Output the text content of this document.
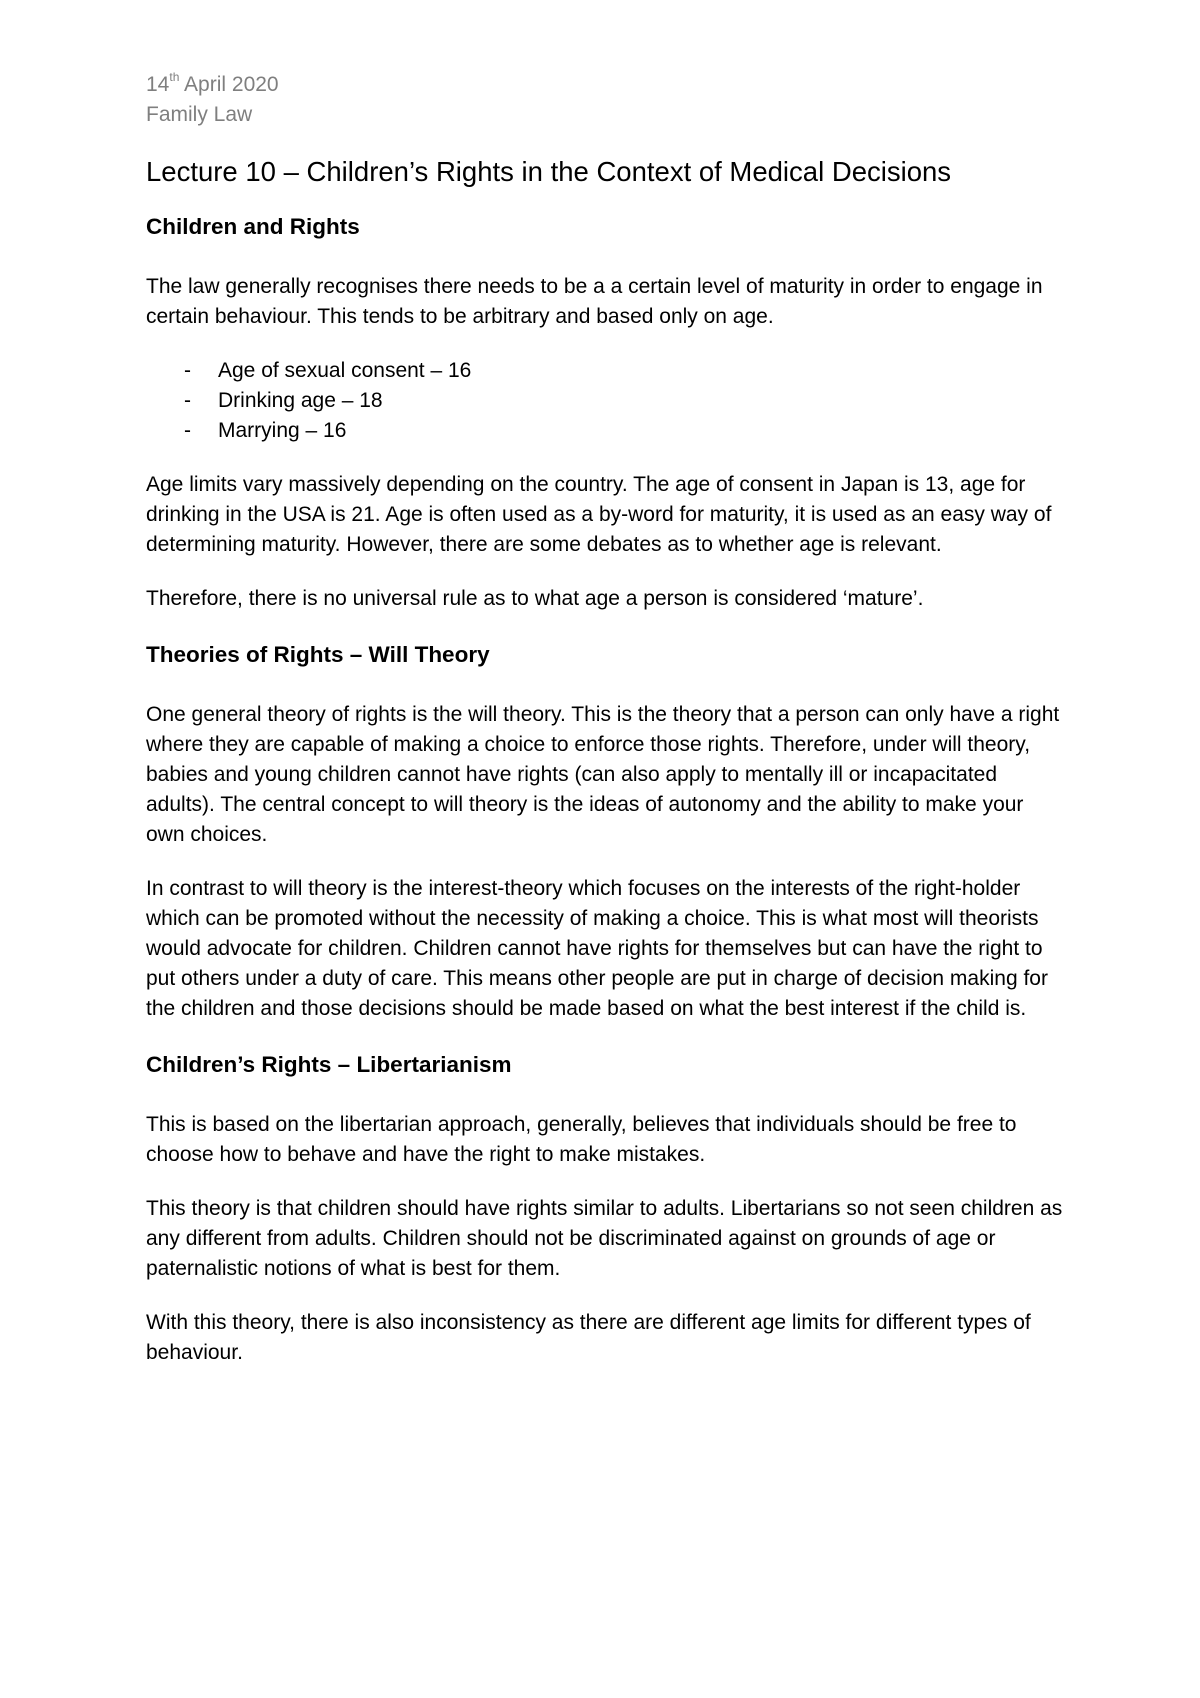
14th April 2020
Family Law
Lecture 10 – Children’s Rights in the Context of Medical Decisions
Children and Rights

The law generally recognises there needs to be a a certain level of maturity in order to engage in certain behaviour. This tends to be arbitrary and based only on age.

- Age of sexual consent – 16
- Drinking age – 18
- Marrying – 16

Age limits vary massively depending on the country. The age of consent in Japan is 13, age for drinking in the USA is 21. Age is often used as a by-word for maturity, it is used as an easy way of determining maturity. However, there are some debates as to whether age is relevant.

Therefore, there is no universal rule as to what age a person is considered ‘mature’.

Theories of Rights – Will Theory

One general theory of rights is the will theory. This is the theory that a person can only have a right where they are capable of making a choice to enforce those rights. Therefore, under will theory, babies and young children cannot have rights (can also apply to mentally ill or incapacitated adults). The central concept to will theory is the ideas of autonomy and the ability to make your own choices.

In contrast to will theory is the interest-theory which focuses on the interests of the right-holder which can be promoted without the necessity of making a choice. This is what most will theorists would advocate for children. Children cannot have rights for themselves but can have the right to put others under a duty of care. This means other people are put in charge of decision making for the children and those decisions should be made based on what the best interest if the child is.

Children’s Rights – Libertarianism

This is based on the libertarian approach, generally, believes that individuals should be free to choose how to behave and have the right to make mistakes.

This theory is that children should have rights similar to adults. Libertarians so not seen children as any different from adults. Children should not be discriminated against on grounds of age or paternalistic notions of what is best for them.

With this theory, there is also inconsistency as there are different age limits for different types of behaviour.
